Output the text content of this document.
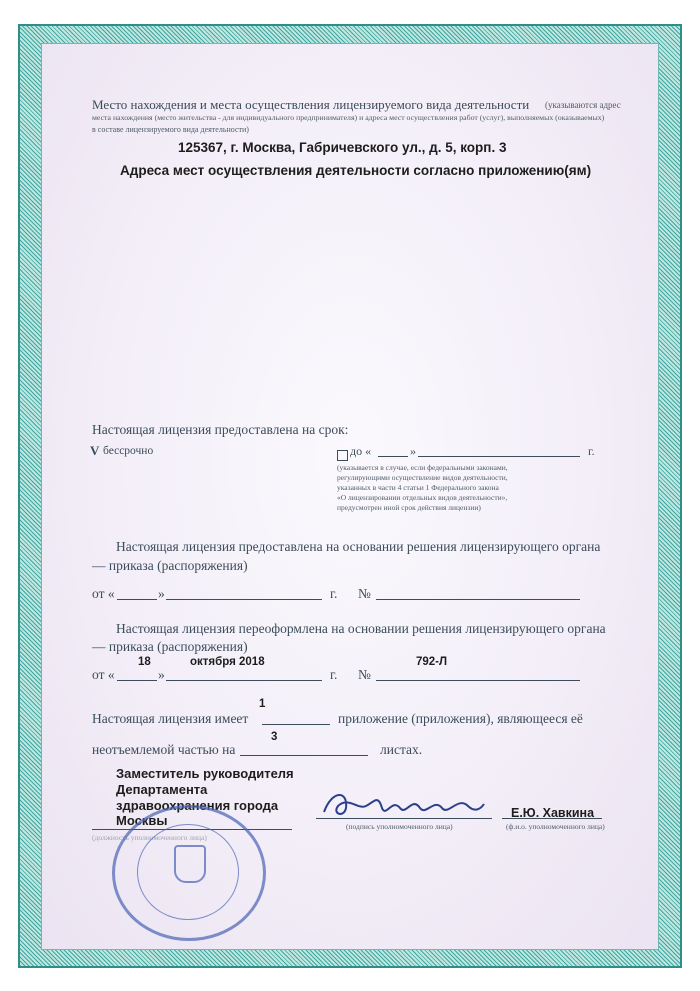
Место нахождения и места осуществления лицензируемого вида деятельности (указываются адрес
места нахождения (место жительства - для индивидуального предпринимателя) и адреса мест осуществления работ (услуг), выполняемых (оказываемых)
в составе лицензируемого вида деятельности)
125367, г. Москва, Габричевского ул., д. 5, корп. 3
Адреса мест осуществления деятельности согласно приложению(ям)
Настоящая лицензия предоставлена на срок:
V бессрочно	до «	»	г.
(указывается в случае, если федеральными законами,
регулирующими осуществление видов деятельности,
указанных в части 4 статьи 1 Федерального закона
«О лицензировании отдельных видов деятельности»,
предусмотрен иной срок действия лицензии)
Настоящая лицензия предоставлена на основании решения лицензирующего органа
— приказа (распоряжения)
от «	»	г. №
Настоящая лицензия переоформлена на основании решения лицензирующего органа
— приказа (распоряжения)
18	октября 2018	792-Л
от «	»	г. №
1
Настоящая лицензия имеет	приложение (приложения), являющееся её
3
неотъемлемой частью на	листах.
Заместитель руководителя
Департамента
здравоохранения города
Москвы
(должность уполномоченного лица)
(подпись уполномоченного лица)
Е.Ю. Хавкина
(ф.и.о. уполномоченного лица)
